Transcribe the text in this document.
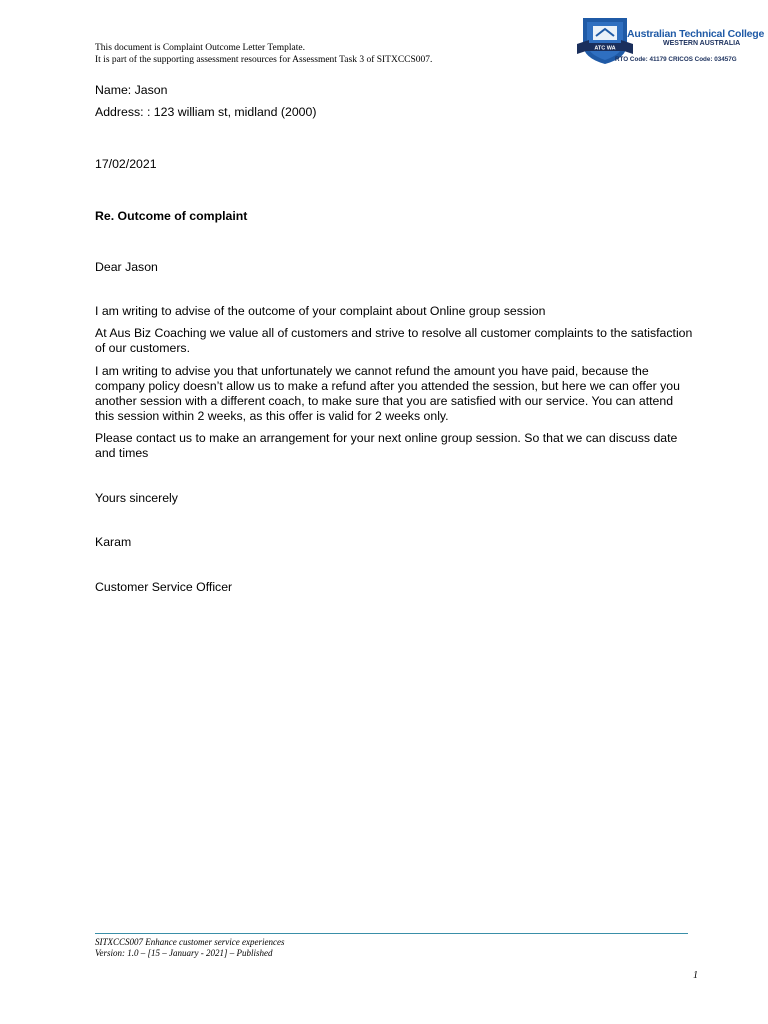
This document is Complaint Outcome Letter Template.
It is part of the supporting assessment resources for Assessment Task 3 of SITXCCS007.
ATC WA
Australian Technical College
WESTERN AUSTRALIA
RTO Code: 41179 CRICOS Code: 03457G
Name: Jason
Address: : 123 william st, midland (2000)
17/02/2021
Re. Outcome of complaint
Dear Jason
I am writing to advise of the outcome of your complaint about Online group session
At Aus Biz Coaching we value all of customers and strive to resolve all customer complaints to the satisfaction of our customers.
I am writing to advise you that unfortunately we cannot refund the amount you have paid, because the company policy doesn’t allow us to make a refund after you attended the session, but here we can offer you another session with a different coach, to make sure that you are satisfied with our service. You can attend this session within 2 weeks, as this offer is valid for 2 weeks only.
Please contact us to make an arrangement for your next online group session. So that we can discuss date and times
Yours sincerely
Karam
Customer Service Officer
SITXCCS007 Enhance customer service experiences
Version: 1.0 – [15 – January - 2021] – Published
1
